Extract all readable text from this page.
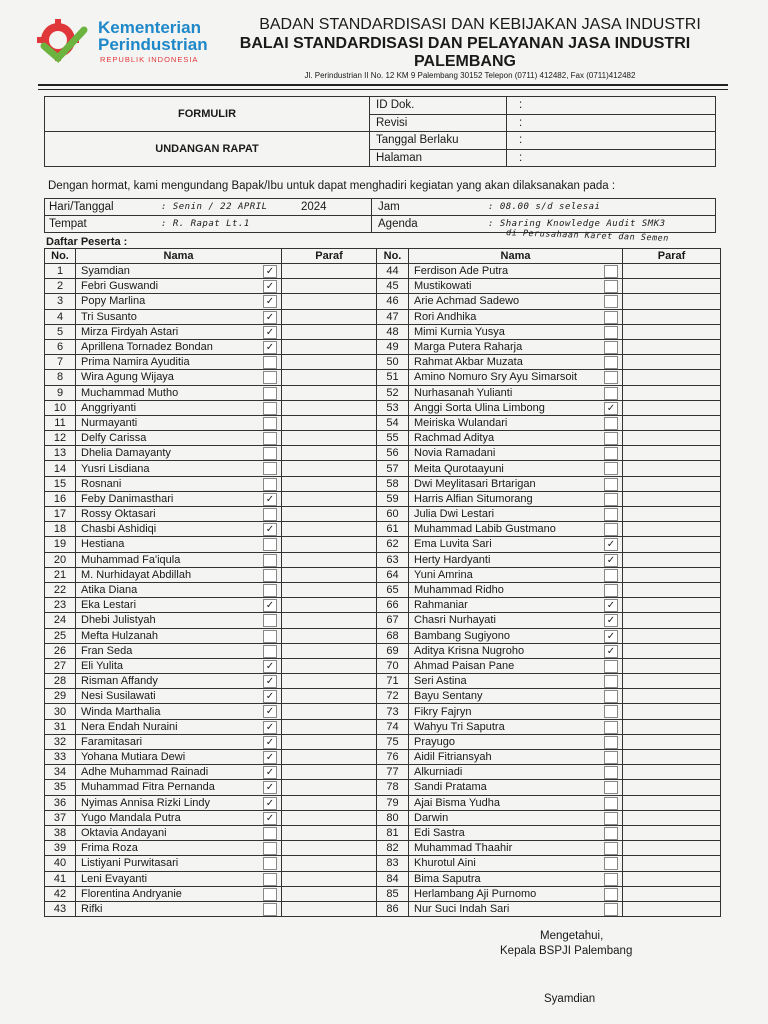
Kementerian
Perindustrian
REPUBLIK INDONESIA
BADAN STANDARDISASI DAN KEBIJAKAN JASA INDUSTRI
BALAI STANDARDISASI DAN PELAYANAN JASA INDUSTRI
PALEMBANG
Jl. Perindustrian II No. 12 KM 9 Palembang 30152 Telepon (0711) 412482, Fax (0711)412482
FORMULIR	ID Dok.	:
	Revisi	:
UNDANGAN RAPAT	Tanggal Berlaku	:
	Halaman	:
Dengan hormat, kami mengundang Bapak/Ibu untuk dapat menghadiri kegiatan yang akan dilaksanakan pada :
Hari/Tanggal	: Senin / 22 APRIL	2024	Jam	: 08.00 s/d selesai
Tempat	: R. Rapat Lt.1		Agenda	: Sharing Knowledge Audit SMK3
di Perusahaan Karet dan Semen
Daftar Peserta :
No.	Nama	Paraf		No.	Nama	Paraf
1	Syamdian ✓			44	Ferdison Ade Putra

2	Febri Guswandi ✓			45	Mustikowati

3	Popy Marlina ✓			46	Arie Achmad Sadewo

4	Tri Susanto ✓			47	Rori Andhika

5	Mirza Firdyah Astari ✓			48	Mimi Kurnia Yusya

6	Aprillena Tornadez Bondan ✓			49	Marga Putera Raharja

7	Prima Namira Ayuditia			50	Rahmat Akbar Muzata

8	Wira Agung Wijaya			51	Amino Nomuro Sry Ayu Simarsoit

9	Muchammad Mutho			52	Nurhasanah Yulianti

10	Anggriyanti			53	Anggi Sorta Ulina Limbong ✓	

11	Nurmayanti			54	Meiriska Wulandari

12	Delfy Carissa			55	Rachmad Aditya

13	Dhelia Damayanty			56	Novia Ramadani

14	Yusri Lisdiana			57	Meita Qurotaayuni

15	Rosnani			58	Dwi Meylitasari Brtarigan

16	Feby Danimasthari ✓			59	Harris Alfian Situmorang

17	Rossy Oktasari			60	Julia Dwi Lestari

18	Chasbi Ashidiqi ✓			61	Muhammad Labib Gustmano

19	Hestiana			62	Ema Luvita Sari ✓	

20	Muhammad Fa'iqula			63	Herty Hardyanti ✓	

21	M. Nurhidayat Abdillah			64	Yuni Amrina

22	Atika Diana			65	Muhammad Ridho

23	Eka Lestari ✓			66	Rahmaniar ✓	

24	Dhebi Julistyah			67	Chasri Nurhayati ✓	

25	Mefta Hulzanah			68	Bambang Sugiyono ✓	

26	Fran Seda			69	Aditya Krisna Nugroho ✓	

27	Eli Yulita ✓			70	Ahmad Paisan Pane

28	Risman Affandy ✓			71	Seri Astina

29	Nesi Susilawati ✓			72	Bayu Sentany

30	Winda Marthalia ✓			73	Fikry Fajryn

31	Nera Endah Nuraini ✓			74	Wahyu Tri Saputra

32	Faramitasari ✓			75	Prayugo

33	Yohana Mutiara Dewi ✓			76	Aidil Fitriansyah

34	Adhe Muhammad Rainadi ✓			77	Alkurniadi

35	Muhammad Fitra Pernanda ✓			78	Sandi Pratama

36	Nyimas Annisa Rizki Lindy ✓			79	Ajai Bisma Yudha

37	Yugo Mandala Putra ✓			80	Darwin

38	Oktavia Andayani			81	Edi Sastra

39	Frima Roza			82	Muhammad Thaahir

40	Listiyani Purwitasari			83	Khurotul Aini

41	Leni Evayanti			84	Bima Saputra

42	Florentina Andryanie			85	Herlambang Aji Purnomo

43	Rifki			86	Nur Suci Indah Sari

Mengetahui,
Kepala BSPJI Palembang
Syamdian
